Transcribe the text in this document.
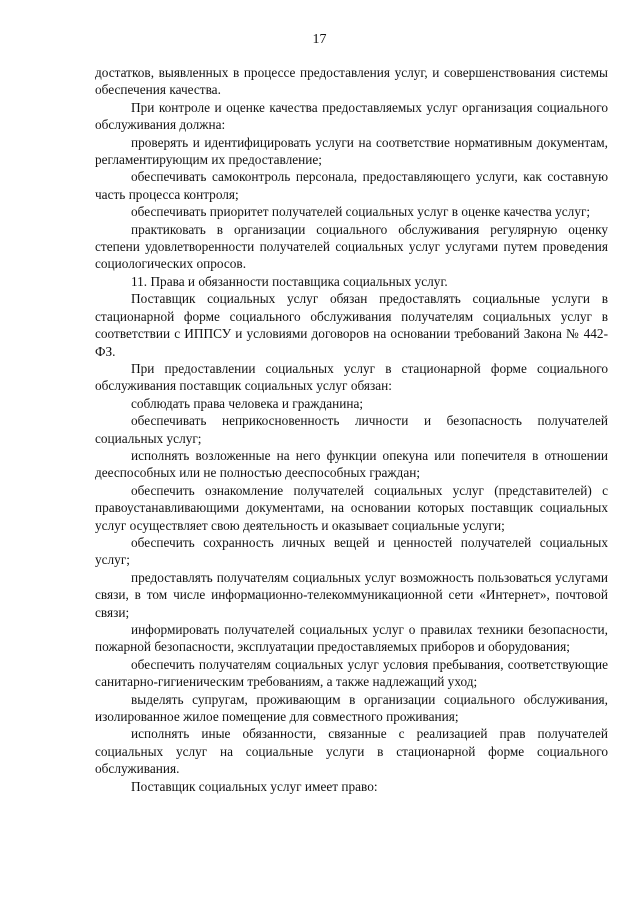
17

достатков, выявленных в процессе предоставления услуг, и совершенствования системы обеспечения качества.

При контроле и оценке качества предоставляемых услуг организация социального обслуживания должна:

проверять и идентифицировать услуги на соответствие нормативным документам, регламентирующим их предоставление;

обеспечивать самоконтроль персонала, предоставляющего услуги, как составную часть процесса контроля;

обеспечивать приоритет получателей социальных услуг в оценке качества услуг;

практиковать в организации социального обслуживания регулярную оценку степени удовлетворенности получателей социальных услуг услугами путем проведения социологических опросов.

11. Права и обязанности поставщика социальных услуг.

Поставщик социальных услуг обязан предоставлять социальные услуги в стационарной форме социального обслуживания получателям социальных услуг в соответствии с ИППСУ и условиями договоров на основании требований Закона № 442-ФЗ.

При предоставлении социальных услуг в стационарной форме социального обслуживания поставщик социальных услуг обязан:

соблюдать права человека и гражданина;

обеспечивать неприкосновенность личности и безопасность получателей социальных услуг;

исполнять возложенные на него функции опекуна или попечителя в отношении дееспособных или не полностью дееспособных граждан;

обеспечить ознакомление получателей социальных услуг (представителей) с правоустанавливающими документами, на основании которых поставщик социальных услуг осуществляет свою деятельность и оказывает социальные услуги;

обеспечить сохранность личных вещей и ценностей получателей социальных услуг;

предоставлять получателям социальных услуг возможность пользоваться услугами связи, в том числе информационно-телекоммуникационной сети «Интернет», почтовой связи;

информировать получателей социальных услуг о правилах техники безопасности, пожарной безопасности, эксплуатации предоставляемых приборов и оборудования;

обеспечить получателям социальных услуг условия пребывания, соответствующие санитарно-гигиеническим требованиям, а также надлежащий уход;

выделять супругам, проживающим в организации социального обслуживания, изолированное жилое помещение для совместного проживания;

исполнять иные обязанности, связанные с реализацией прав получателей социальных услуг на социальные услуги в стационарной форме социального обслуживания.

Поставщик социальных услуг имеет право:
